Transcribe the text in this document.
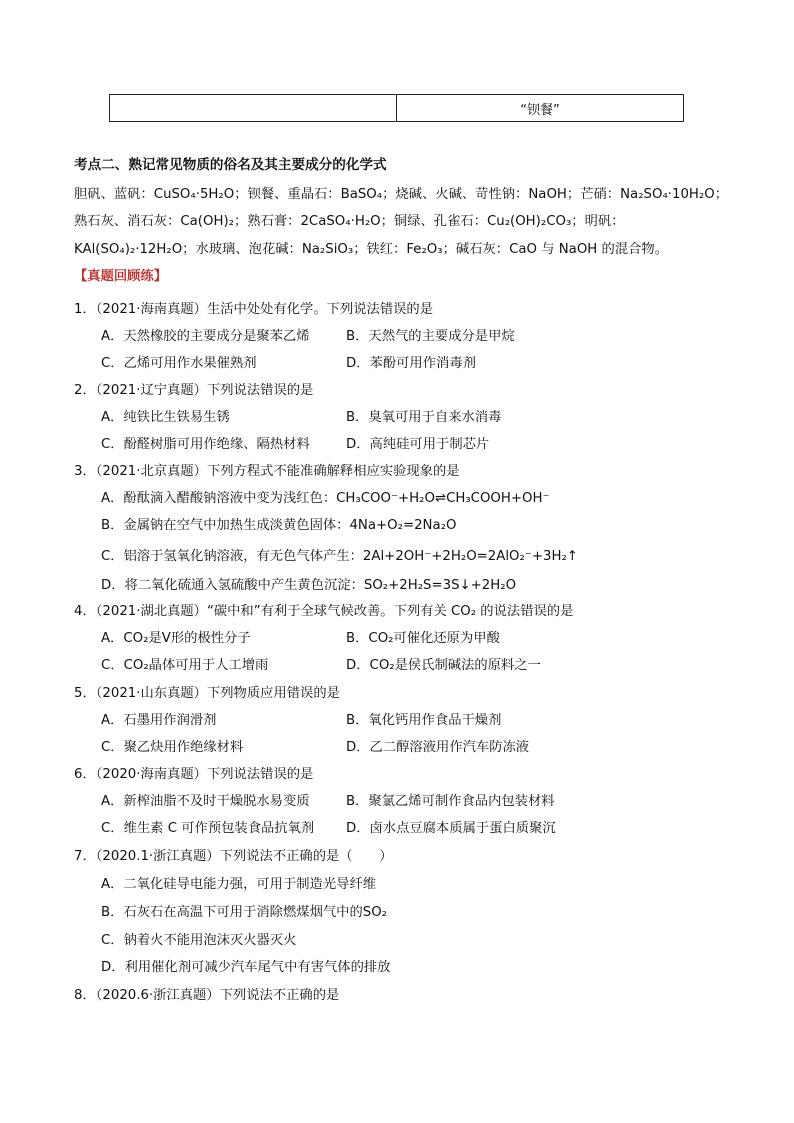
	“钡餐”
考点二、熟记常见物质的俗名及其主要成分的化学式
胆矾、蓝矾：CuSO₄·5H₂O；钡餐、重晶石：BaSO₄；烧碱、火碱、苛性钠：NaOH；芒硝：Na₂SO₄·10H₂O；
熟石灰、消石灰：Ca(OH)₂；熟石膏：2CaSO₄·H₂O；铜绿、孔雀石：Cu₂(OH)₂CO₃；明矾：
KAl(SO₄)₂·12H₂O；水玻璃、泡花碱：Na₂SiO₃；铁红：Fe₂O₃；碱石灰：CaO 与 NaOH 的混合物。
【真题回顾练】
1．（2021·海南真题）生活中处处有化学。下列说法错误的是
A．天然橡胶的主要成分是聚苯乙烯	B．天然气的主要成分是甲烷
C．乙烯可用作水果催熟剂	D．苯酚可用作消毒剂
2．（2021·辽宁真题）下列说法错误的是
A．纯铁比生铁易生锈	B．臭氧可用于自来水消毒
C．酚醛树脂可用作绝缘、隔热材料	D．高纯硅可用于制芯片
3．（2021·北京真题）下列方程式不能准确解释相应实验现象的是
A．酚酞滴入醋酸钠溶液中变为浅红色：CH₃COO⁻+H₂O⇌CH₃COOH+OH⁻
B．金属钠在空气中加热生成淡黄色固体：4Na+O₂=2Na₂O
C．铝溶于氢氧化钠溶液，有无色气体产生：2Al+2OH⁻+2H₂O=2AlO₂⁻+3H₂↑
D．将二氧化硫通入氢硫酸中产生黄色沉淀：SO₂+2H₂S=3S↓+2H₂O
4．（2021·湖北真题）“碳中和”有利于全球气候改善。下列有关 CO₂ 的说法错误的是
A．CO₂是V形的极性分子	B．CO₂可催化还原为甲酸
C．CO₂晶体可用于人工增雨	D．CO₂是侯氏制碱法的原料之一
5．（2021·山东真题）下列物质应用错误的是
A．石墨用作润滑剂	B．氧化钙用作食品干燥剂
C．聚乙炔用作绝缘材料	D．乙二醇溶液用作汽车防冻液
6．（2020·海南真题）下列说法错误的是
A．新榨油脂不及时干燥脱水易变质	B．聚氯乙烯可制作食品内包装材料
C．维生素 C 可作预包装食品抗氧剂 D．卤水点豆腐本质属于蛋白质聚沉
7．（2020.1·浙江真题）下列说法不正确的是（　　）
A．二氧化硅导电能力强，可用于制造光导纤维
B．石灰石在高温下可用于消除燃煤烟气中的SO₂
C．钠着火不能用泡沫灭火器灭火
D．利用催化剂可减少汽车尾气中有害气体的排放
8．（2020.6·浙江真题）下列说法不正确的是
